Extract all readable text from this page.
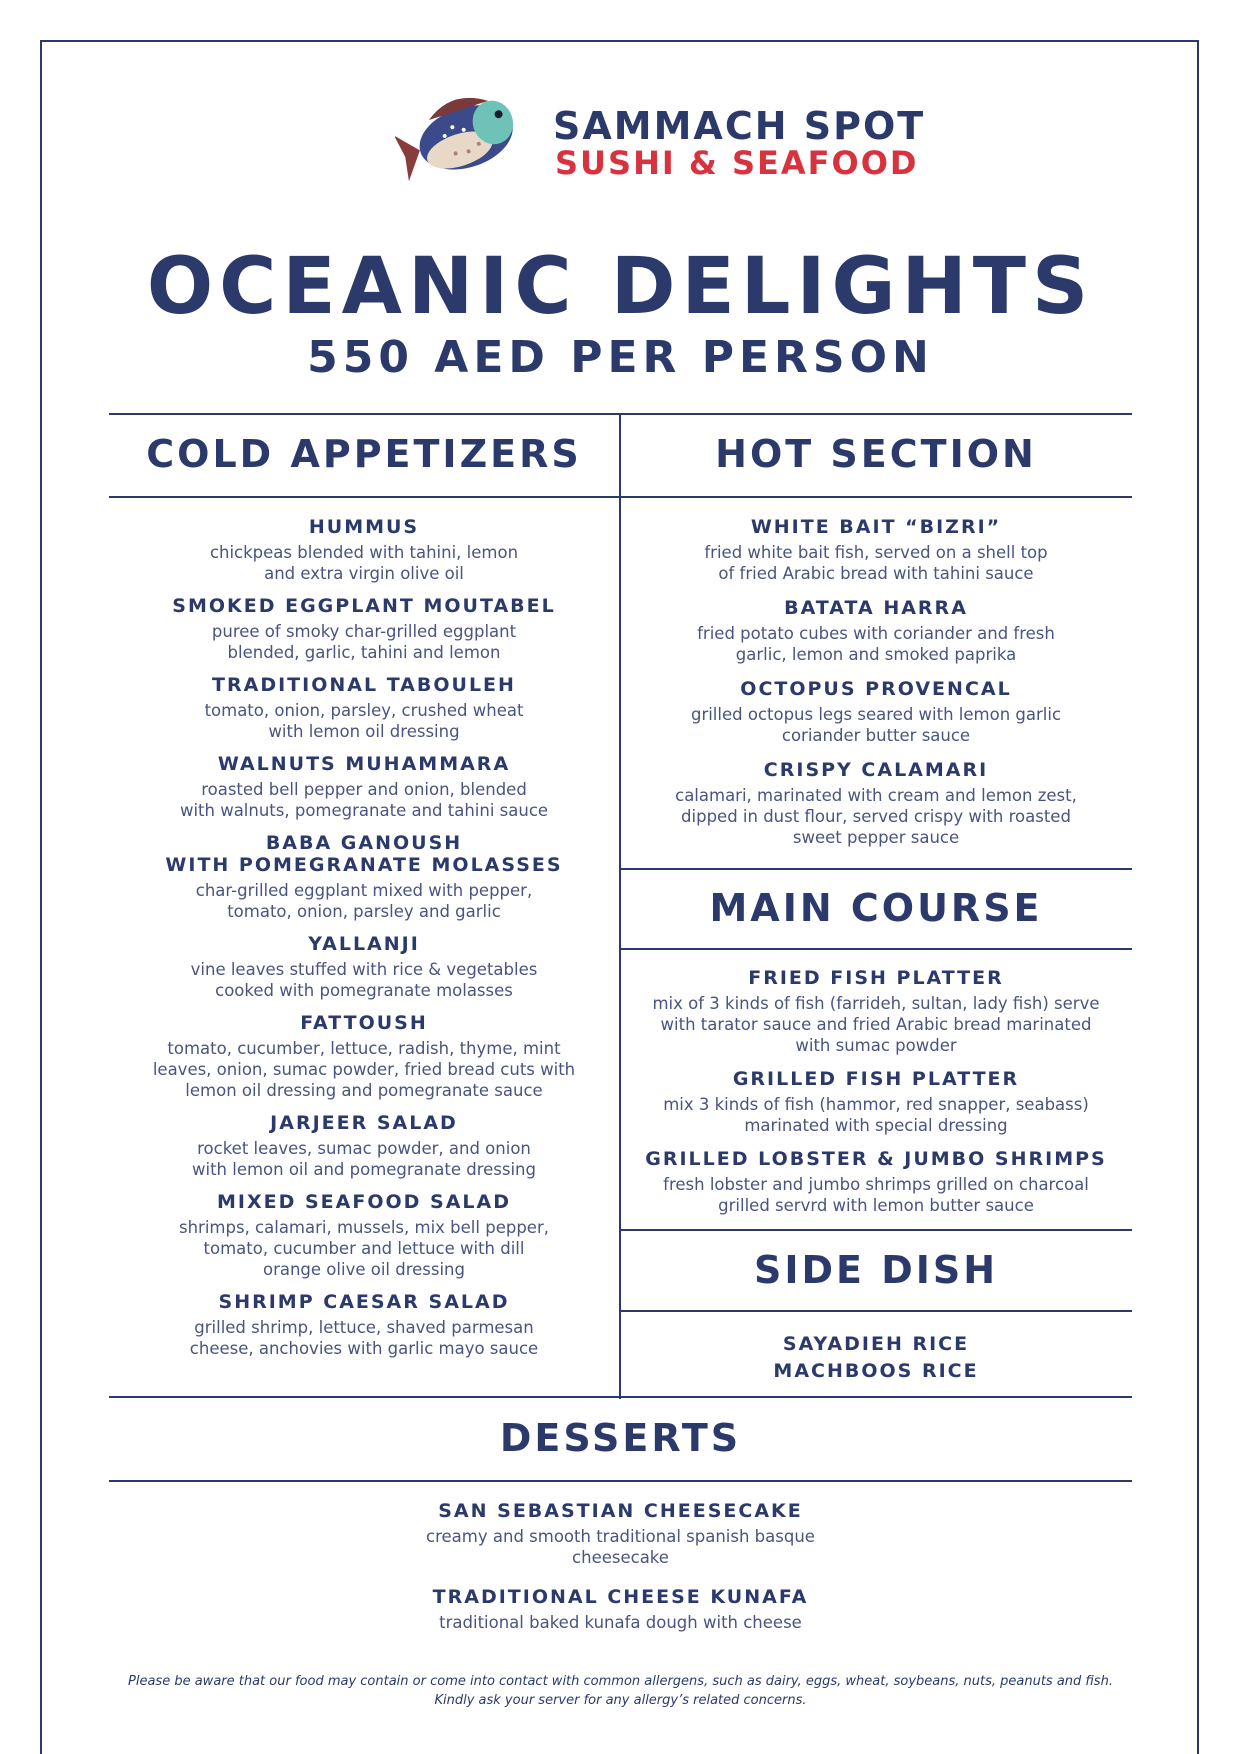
SAMMACH SPOT
SUSHI & SEAFOOD
OCEANIC DELIGHTS
550 AED PER PERSON
COLD APPETIZERS	HOT SECTION
MAIN COURSE
SIDE DISH
DESSERTS
HUMMUS
chickpeas blended with tahini, lemon
and extra virgin olive oil
SMOKED EGGPLANT MOUTABEL
puree of smoky char-grilled eggplant
blended, garlic, tahini and lemon
TRADITIONAL TABOULEH
tomato, onion, parsley, crushed wheat
with lemon oil dressing
WALNUTS MUHAMMARA
roasted bell pepper and onion, blended
with walnuts, pomegranate and tahini sauce
BABA GANOUSH
WITH POMEGRANATE MOLASSES
char-grilled eggplant mixed with pepper,
tomato, onion, parsley and garlic
YALLANJI
vine leaves stuffed with rice & vegetables
cooked with pomegranate molasses
FATTOUSH
tomato, cucumber, lettuce, radish, thyme, mint
leaves, onion, sumac powder, fried bread cuts with
lemon oil dressing and pomegranate sauce
JARJEER SALAD
rocket leaves, sumac powder, and onion
with lemon oil and pomegranate dressing
MIXED SEAFOOD SALAD
shrimps, calamari, mussels, mix bell pepper,
tomato, cucumber and lettuce with dill
orange olive oil dressing
SHRIMP CAESAR SALAD
grilled shrimp, lettuce, shaved parmesan
cheese, anchovies with garlic mayo sauce
WHITE BAIT “BIZRI”
fried white bait fish, served on a shell top
of fried Arabic bread with tahini sauce
BATATA HARRA
fried potato cubes with coriander and fresh
garlic, lemon and smoked paprika
OCTOPUS PROVENCAL
grilled octopus legs seared with lemon garlic
coriander butter sauce
CRISPY CALAMARI
calamari, marinated with cream and lemon zest,
dipped in dust flour, served crispy with roasted
sweet pepper sauce
FRIED FISH PLATTER
mix of 3 kinds of fish (farrideh, sultan, lady fish) serve
with tarator sauce and fried Arabic bread marinated
with sumac powder
GRILLED FISH PLATTER
mix 3 kinds of fish (hammor, red snapper, seabass)
marinated with special dressing
GRILLED LOBSTER & JUMBO SHRIMPS
fresh lobster and jumbo shrimps grilled on charcoal
grilled servrd with lemon butter sauce
SAYADIEH RICE
MACHBOOS RICE
SAN SEBASTIAN CHEESECAKE
creamy and smooth traditional spanish basque
cheesecake
TRADITIONAL CHEESE KUNAFA
traditional baked kunafa dough with cheese
Please be aware that our food may contain or come into contact with common allergens, such as dairy, eggs, wheat, soybeans, nuts, peanuts and fish.
Kindly ask your server for any allergy’s related concerns.
